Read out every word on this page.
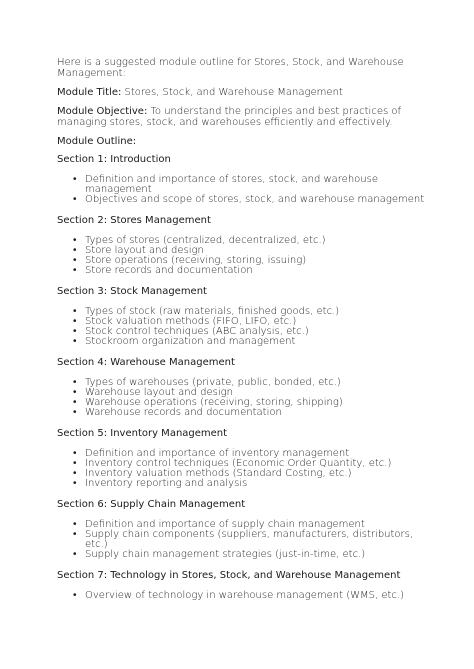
Here is a suggested module outline for Stores, Stock, and Warehouse Management:

Module Title: Stores, Stock, and Warehouse Management

Module Objective: To understand the principles and best practices of managing stores, stock, and warehouses efficiently and effectively.

Module Outline:

Section 1: Introduction

• Definition and importance of stores, stock, and warehouse management
• Objectives and scope of stores, stock, and warehouse management

Section 2: Stores Management

• Types of stores (centralized, decentralized, etc.)
• Store layout and design
• Store operations (receiving, storing, issuing)
• Store records and documentation

Section 3: Stock Management

• Types of stock (raw materials, finished goods, etc.)
• Stock valuation methods (FIFO, LIFO, etc.)
• Stock control techniques (ABC analysis, etc.)
• Stockroom organization and management

Section 4: Warehouse Management

• Types of warehouses (private, public, bonded, etc.)
• Warehouse layout and design
• Warehouse operations (receiving, storing, shipping)
• Warehouse records and documentation

Section 5: Inventory Management

• Definition and importance of inventory management
• Inventory control techniques (Economic Order Quantity, etc.)
• Inventory valuation methods (Standard Costing, etc.)
• Inventory reporting and analysis

Section 6: Supply Chain Management

• Definition and importance of supply chain management
• Supply chain components (suppliers, manufacturers, distributors, etc.)
• Supply chain management strategies (just-in-time, etc.)

Section 7: Technology in Stores, Stock, and Warehouse Management

• Overview of technology in warehouse management (WMS, etc.)
